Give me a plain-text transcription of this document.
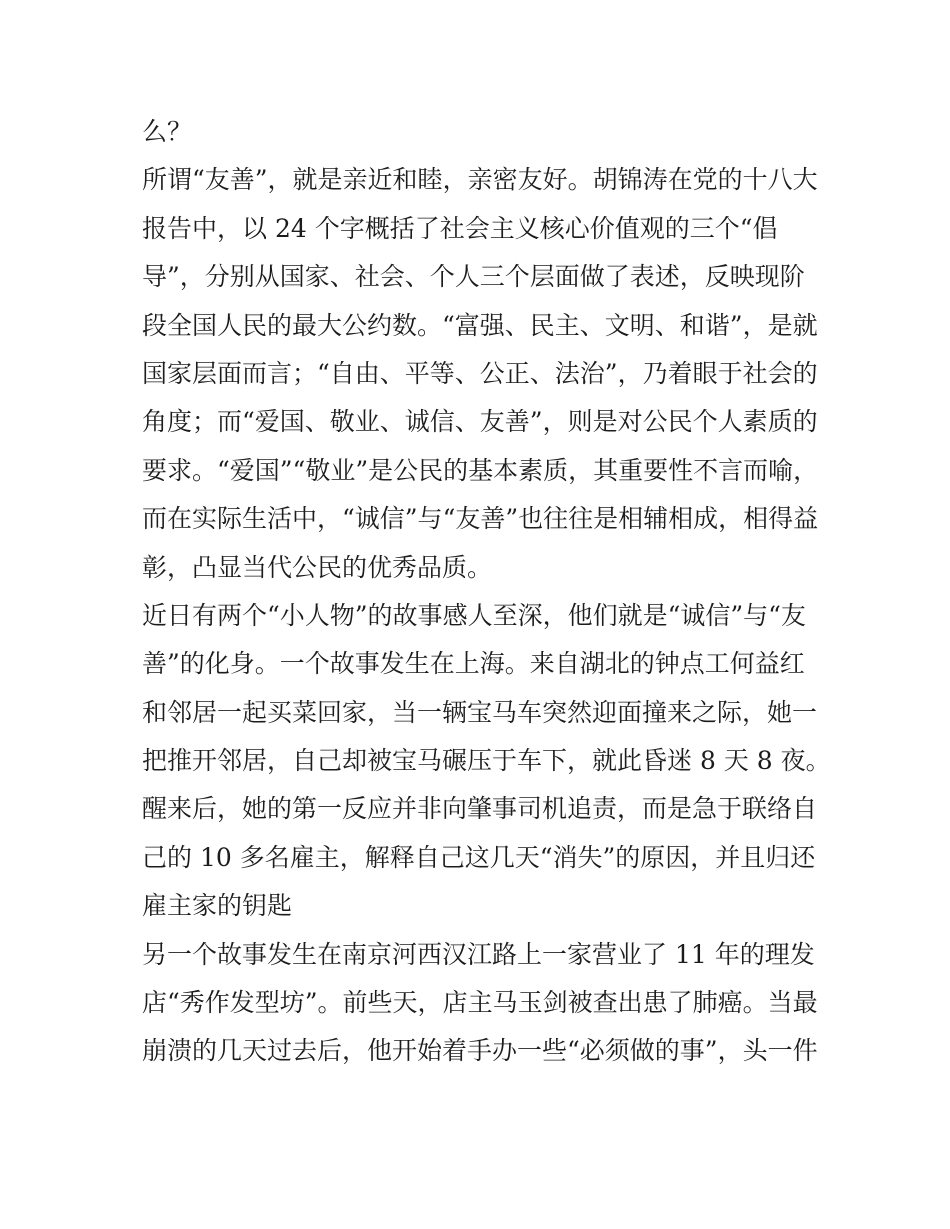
么？
所谓“友善”，就是亲近和睦，亲密友好。胡锦涛在党的十八大
报告中，以 24 个字概括了社会主义核心价值观的三个“倡
导”，分别从国家、社会、个人三个层面做了表述，反映现阶
段全国人民的最大公约数。“富强、民主、文明、和谐”，是就
国家层面而言；“自由、平等、公正、法治”，乃着眼于社会的
角度；而“爱国、敬业、诚信、友善”，则是对公民个人素质的
要求。“爱国”“敬业”是公民的基本素质，其重要性不言而喻，
而在实际生活中，“诚信”与“友善”也往往是相辅相成，相得益
彰，凸显当代公民的优秀品质。
近日有两个“小人物”的故事感人至深，他们就是“诚信”与“友
善”的化身。一个故事发生在上海。来自湖北的钟点工何益红
和邻居一起买菜回家，当一辆宝马车突然迎面撞来之际，她一
把推开邻居，自己却被宝马碾压于车下，就此昏迷 8 天 8 夜。
醒来后，她的第一反应并非向肇事司机追责，而是急于联络自
己的 10 多名雇主，解释自己这几天“消失”的原因，并且归还
雇主家的钥匙
另一个故事发生在南京河西汉江路上一家营业了 11 年的理发
店“秀作发型坊”。前些天，店主马玉剑被查出患了肺癌。当最
崩溃的几天过去后，他开始着手办一些“必须做的事”，头一件
